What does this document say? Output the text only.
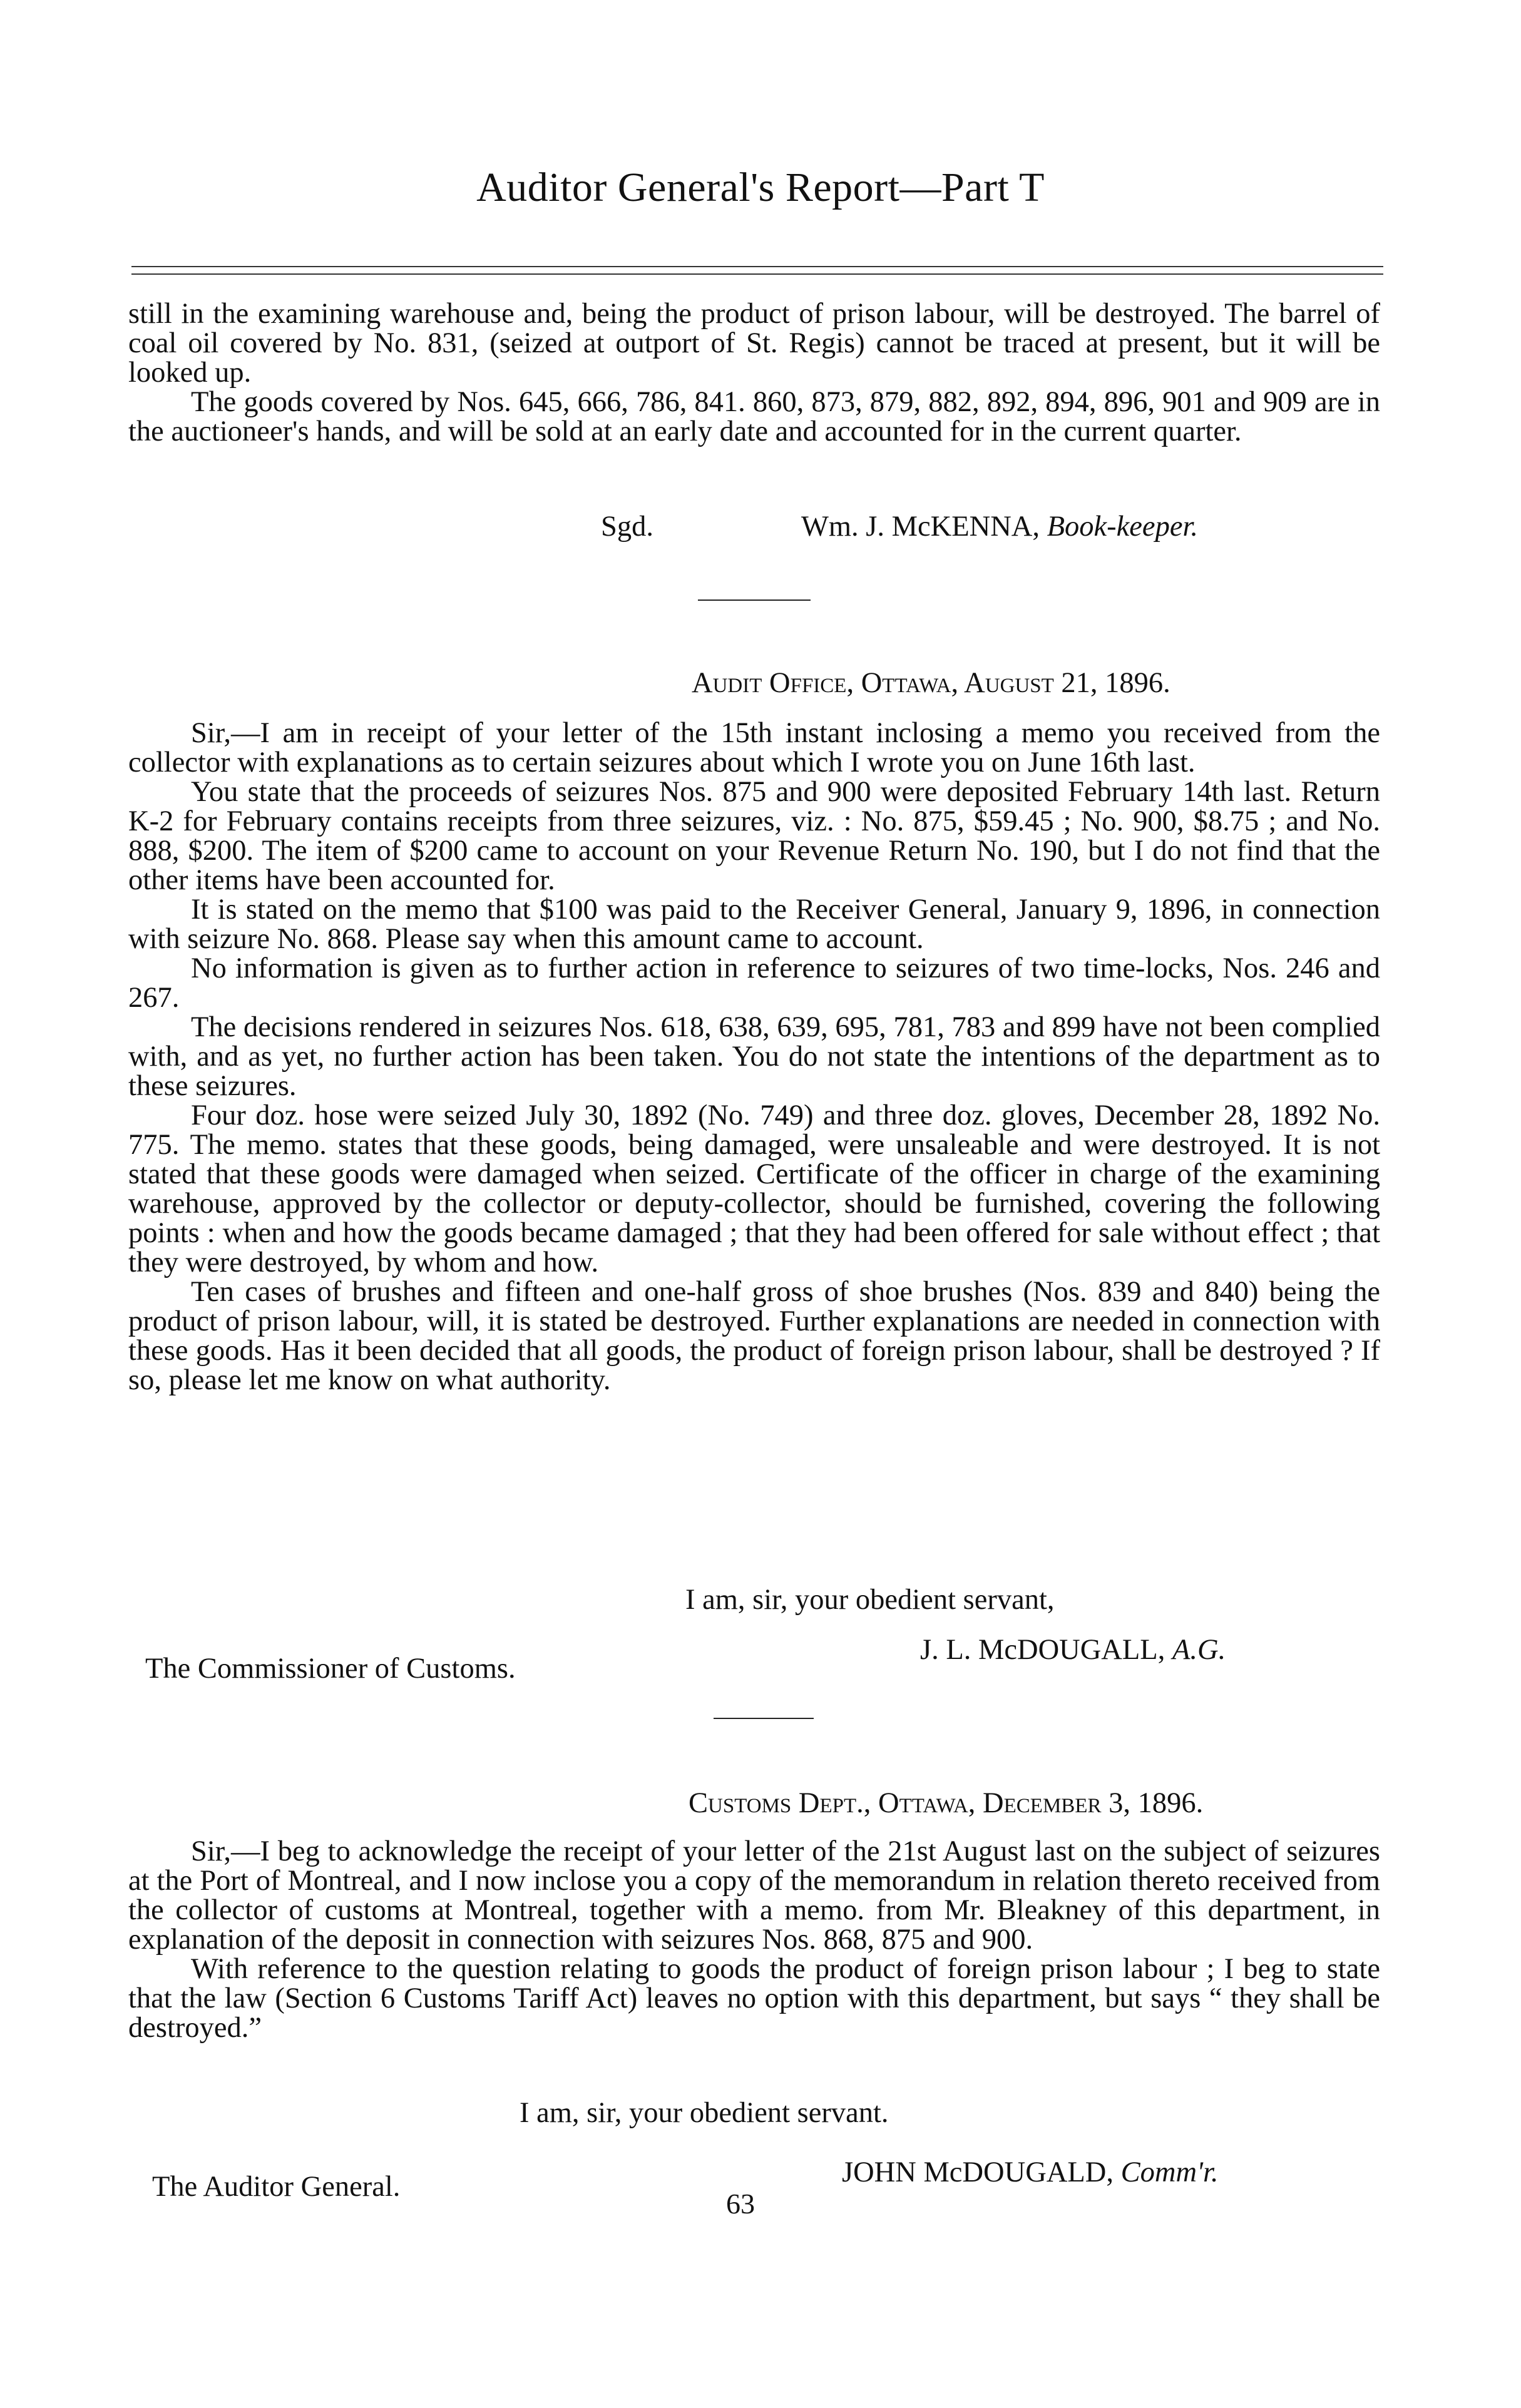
Auditor General's Report—Part T

still in the examining warehouse and, being the product of prison labour, will be destroyed. The barrel of coal oil covered by No. 831, (seized at outport of St. Regis) cannot be traced at present, but it will be looked up.

The goods covered by Nos. 645, 666, 786, 841. 860, 873, 879, 882, 892, 894, 896, 901 and 909 are in the auctioneer's hands, and will be sold at an early date and accounted for in the current quarter.

Sgd.	Wm. J. McKENNA, Book-keeper.
Audit Office, Ottawa, August 21, 1896.

Sir,—I am in receipt of your letter of the 15th instant inclosing a memo you received from the collector with explanations as to certain seizures about which I wrote you on June 16th last.

You state that the proceeds of seizures Nos. 875 and 900 were deposited February 14th last. Return K-2 for February contains receipts from three seizures, viz. : No. 875, $59.45 ; No. 900, $8.75 ; and No. 888, $200. The item of $200 came to account on your Revenue Return No. 190, but I do not find that the other items have been accounted for.

It is stated on the memo that $100 was paid to the Receiver General, January 9, 1896, in connection with seizure No. 868. Please say when this amount came to account.

No information is given as to further action in reference to seizures of two time-locks, Nos. 246 and 267.

The decisions rendered in seizures Nos. 618, 638, 639, 695, 781, 783 and 899 have not been complied with, and as yet, no further action has been taken. You do not state the intentions of the department as to these seizures.

Four doz. hose were seized July 30, 1892 (No. 749) and three doz. gloves, December 28, 1892 No. 775. The memo. states that these goods, being damaged, were unsaleable and were destroyed. It is not stated that these goods were damaged when seized. Certificate of the officer in charge of the examining warehouse, approved by the collector or deputy-collector, should be furnished, covering the following points : when and how the goods became damaged ; that they had been offered for sale without effect ; that they were destroyed, by whom and how.

Ten cases of brushes and fifteen and one-half gross of shoe brushes (Nos. 839 and 840) being the product of prison labour, will, it is stated be destroyed. Further explanations are needed in connection with these goods. Has it been decided that all goods, the product of foreign prison labour, shall be destroyed ? If so, please let me know on what authority.

I am, sir, your obedient servant,
The Commissioner of Customs.
J. L. McDOUGALL, A.G.
Customs Dept., Ottawa, December 3, 1896.

Sir,—I beg to acknowledge the receipt of your letter of the 21st August last on the subject of seizures at the Port of Montreal, and I now inclose you a copy of the memorandum in relation thereto received from the collector of customs at Montreal, together with a memo. from Mr. Bleakney of this department, in explanation of the deposit in connection with seizures Nos. 868, 875 and 900.

With reference to the question relating to goods the product of foreign prison labour ; I beg to state that the law (Section 6 Customs Tariff Act) leaves no option with this department, but says “ they shall be destroyed.”

I am, sir, your obedient servant.
The Auditor General.	JOHN McDOUGALD, Comm'r.
63
